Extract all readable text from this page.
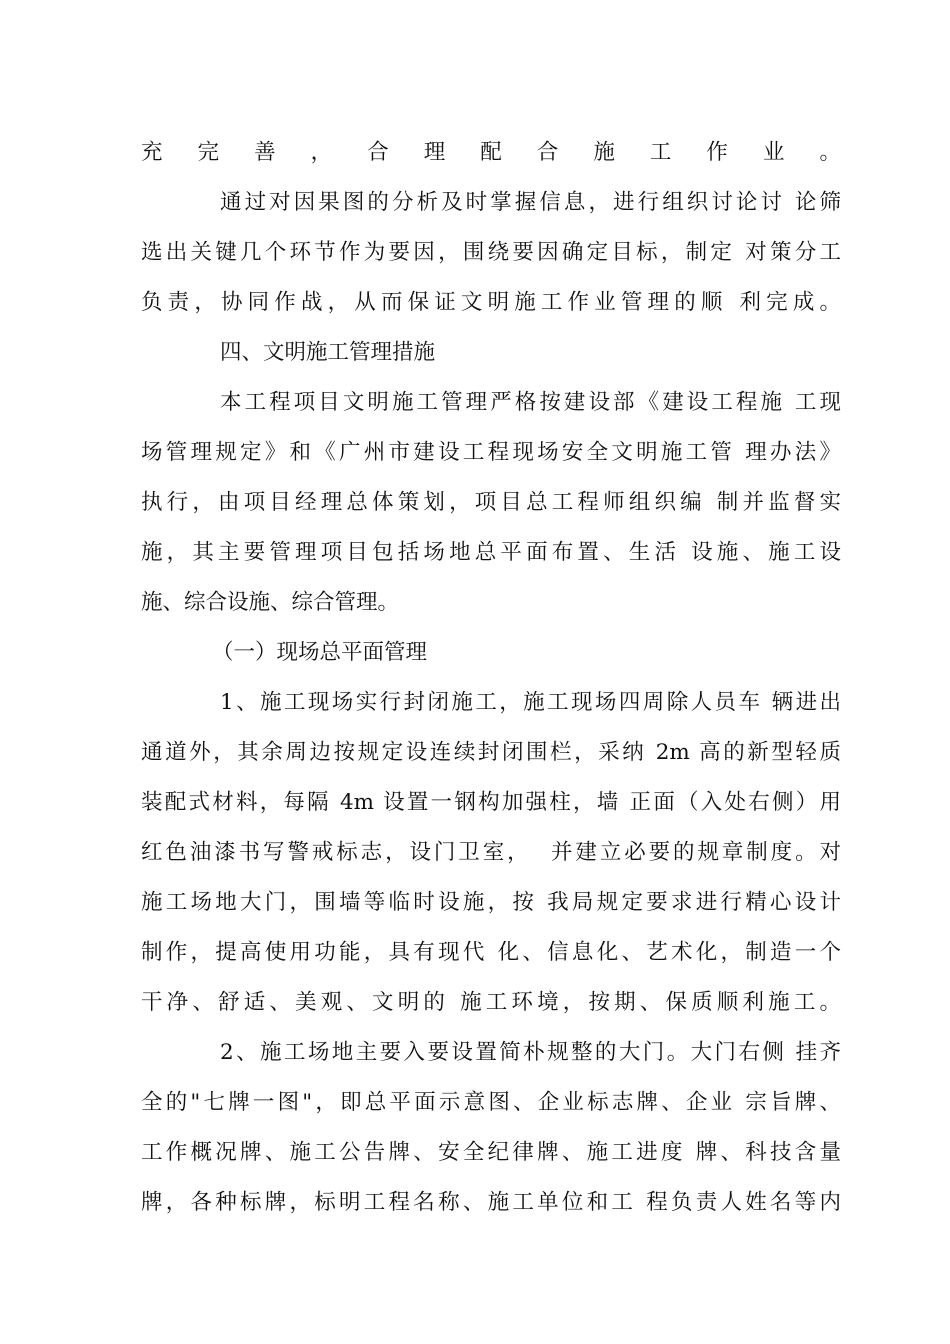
充完善，合理配合施工作业。
通过对因果图的分析及时掌握信息，进行组织讨论讨 论筛
选出关键几个环节作为要因，围绕要因确定目标，制定 对策分工
负责，协同作战，从而保证文明施工作业管理的顺 利完成。
四、文明施工管理措施
本工程项目文明施工管理严格按建设部《建设工程施 工现
场管理规定》和《广州市建设工程现场安全文明施工管 理办法》
执行，由项目经理总体策划，项目总工程师组织编 制并监督实
施，其主要管理项目包括场地总平面布置、生活 设施、施工设
施、综合设施、综合管理。
（一）现场总平面管理
1、施工现场实行封闭施工，施工现场四周除人员车 辆进出
通道外，其余周边按规定设连续封闭围栏，采纳 2m 高的新型轻质
装配式材料，每隔 4m 设置一钢构加强柱，墙 正面（入处右侧）用
红色油漆书写警戒标志，设门卫室，  并建立必要的规章制度。对
施工场地大门，围墙等临时设施，按 我局规定要求进行精心设计
制作，提高使用功能，具有现代 化、信息化、艺术化，制造一个
干净、舒适、美观、文明的 施工环境，按期、保质顺利施工。
2、施工场地主要入要设置简朴规整的大门。大门右侧 挂齐
全的"七牌一图"，即总平面示意图、企业标志牌、企业 宗旨牌、
工作概况牌、施工公告牌、安全纪律牌、施工进度 牌、科技含量
牌，各种标牌，标明工程名称、施工单位和工 程负责人姓名等内
